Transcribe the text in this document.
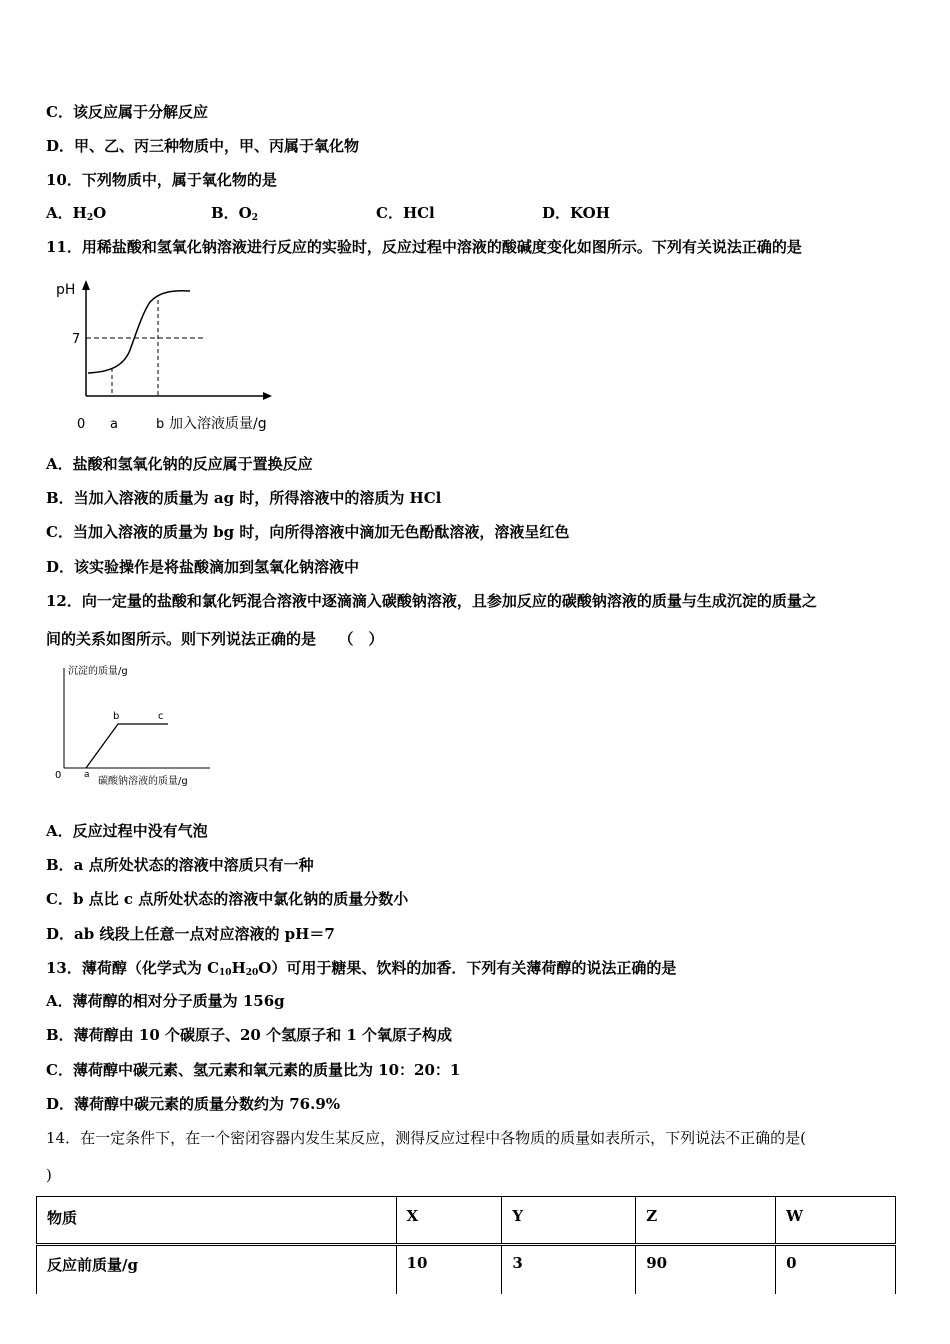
C．该反应属于分解反应
D．甲、乙、丙三种物质中，甲、丙属于氧化物
10．下列物质中，属于氧化物的是
A．$H_2O$	B．$O_2$	C．HCl	D．KOH
11．用稀盐酸和氢氧化钠溶液进行反应的实验时，反应过程中溶液的酸碱度变化如图所示。下列有关说法正确的是
pH
7
0 a	b 加入溶液质量/g
A．盐酸和氢氧化钠的反应属于置换反应
B．当加入溶液的质量为 ag 时，所得溶液中的溶质为 HCl
C．当加入溶液的质量为 bg 时，向所得溶液中滴加无色酚酞溶液，溶液呈红色
D．该实验操作是将盐酸滴加到氢氧化钠溶液中
12．向一定量的盐酸和氯化钙混合溶液中逐滴滴入碳酸钠溶液，且参加反应的碳酸钠溶液的质量与生成沉淀的质量之
间的关系如图所示。则下列说法正确的是　　（　）
沉淀的质量/g
0	a
b	c
碳酸钠溶液的质量/g
A．反应过程中没有气泡
B．a 点所处状态的溶液中溶质只有一种
C．b 点比 c 点所处状态的溶液中氯化钠的质量分数小
D．ab 线段上任意一点对应溶液的 pH＝7
13．薄荷醇（化学式为 $C_{10}H_{20}O$）可用于糖果、饮料的加香．下列有关薄荷醇的说法正确的是
A．薄荷醇的相对分子质量为 156g
B．薄荷醇由 10 个碳原子、20 个氢原子和 1 个氧原子构成
C．薄荷醇中碳元素、氢元素和氧元素的质量比为 10：20：1
D．薄荷醇中碳元素的质量分数约为 76.9%
14．在一定条件下，在一个密闭容器内发生某反应，测得反应过程中各物质的质量如表所示，下列说法不正确的是(
)
物质	X	Y	Z	W
反应前质量/g	10	3	90	0
